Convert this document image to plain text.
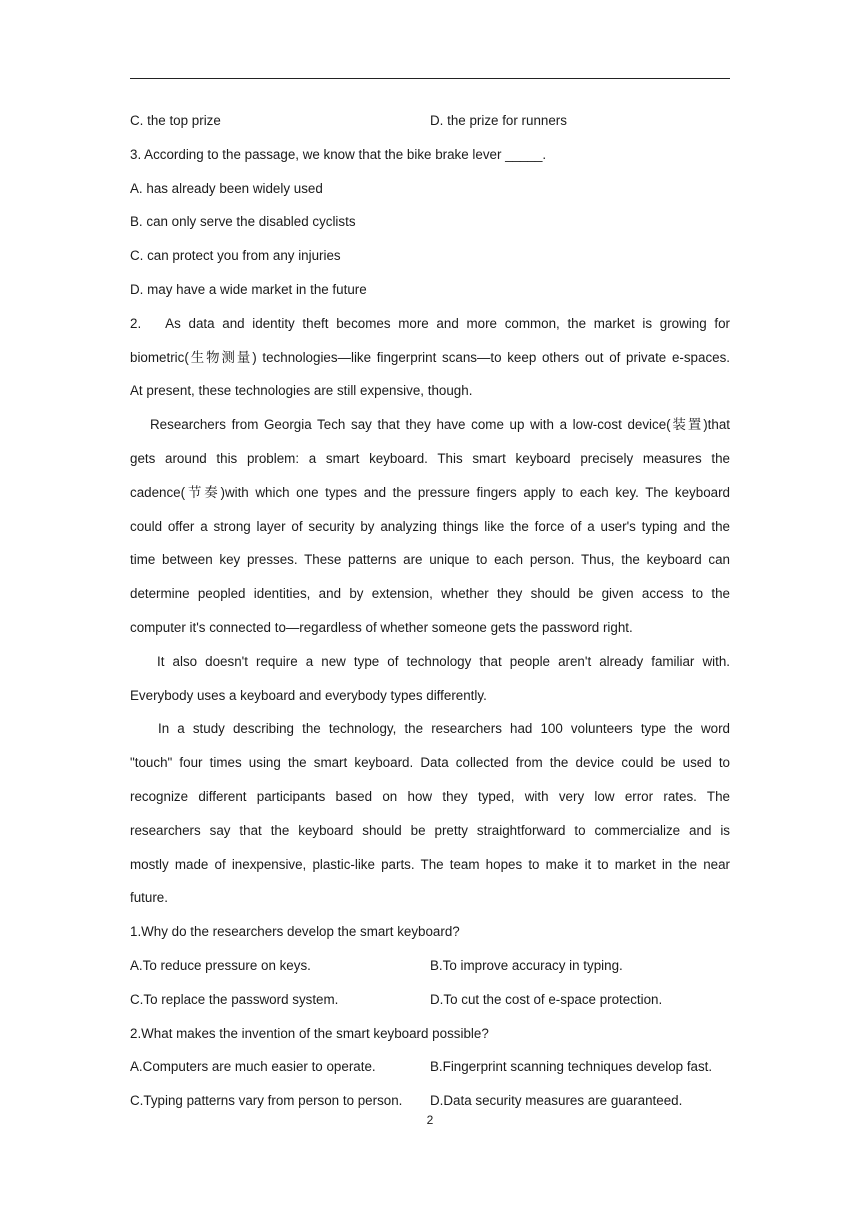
C. the top prize	D. the prize for runners
3. According to the passage, we know that the bike brake lever _____.
A. has already been widely used
B. can only serve the disabled cyclists
C. can protect you from any injuries
D. may have a wide market in the future
2. As data and identity theft becomes more and more common, the market is growing for
biometric(生物测量) technologies—like fingerprint scans—to keep others out of private e-spaces.
At present, these technologies are still expensive, though.
Researchers from Georgia Tech say that they have come up with a low-cost device(装置)that
gets around this problem: a smart keyboard. This smart keyboard precisely measures the
cadence(节奏)with which one types and the pressure fingers apply to each key. The keyboard
could offer a strong layer of security by analyzing things like the force of a user's typing and the
time between key presses. These patterns are unique to each person. Thus, the keyboard can
determine peopled identities, and by extension, whether they should be given access to the
computer it's connected to—regardless of whether someone gets the password right.
It also doesn't require a new type of technology that people aren't already familiar with.
Everybody uses a keyboard and everybody types differently.
In a study describing the technology, the researchers had 100 volunteers type the word
"touch" four times using the smart keyboard. Data collected from the device could be used to
recognize different participants based on how they typed, with very low error rates. The
researchers say that the keyboard should be pretty straightforward to commercialize and is
mostly made of inexpensive, plastic-like parts. The team hopes to make it to market in the near
future.
1.Why do the researchers develop the smart keyboard?
A.To reduce pressure on keys.	B.To improve accuracy in typing.
C.To replace the password system.	D.To cut the cost of e-space protection.
2.What makes the invention of the smart keyboard possible?
A.Computers are much easier to operate.	B.Fingerprint scanning techniques develop fast.
C.Typing patterns vary from person to person.	D.Data security measures are guaranteed.
2
